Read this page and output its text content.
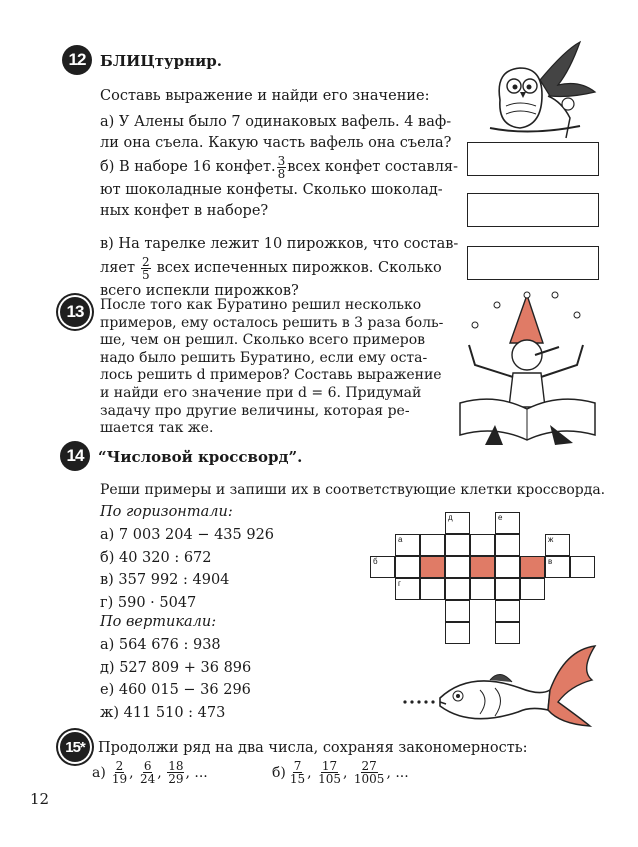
12 БЛИЦтурнир.
Составь выражение и найди его значение:
а) У Алены было 7 одинаковых вафель. 4 ваф-
ли она съела. Какую часть вафель она съела?
б) В наборе 16 конфет. $\frac{3}{8}$ всех конфет составля-
ют шоколадные конфеты. Сколько шоколад-
ных конфет в наборе?
в) На тарелке лежит 10 пирожков, что состав-
ляет $\frac{2}{5}$ всех испеченных пирожков. Сколько
всего испекли пирожков?
13 После того как Буратино решил несколько
примеров, ему осталось решить в 3 раза боль-
ше, чем он решил. Сколько всего примеров
надо было решить Буратино, если ему оста-
лось решить d примеров? Составь выражение
и найди его значение при d = 6. Придумай
задачу про другие величины, которая ре-
шается так же.
14 “Числовой кроссворд”.
Реши примеры и запиши их в соответствующие клетки кроссворда.
По горизонтали:
а) 7 003 204 − 435 926
б) 40 320 : 672
в) 357 992 : 4904
г) 590 · 5047
По вертикали:
а) 564 676 : 938
д) 527 809 + 36 896
е) 460 015 − 36 296
ж) 411 510 : 473
д	е
а	ж
б	в
г
15* Продолжи ряд на два числа, сохраняя закономерность:
$а) \frac{2}{19}$ , $\frac{6}{24}$ , $\frac{18}{29}$ , ...	$б) \frac{7}{15}$ , $\frac{17}{105}$ , $\frac{27}{1005}$ , ...
12
